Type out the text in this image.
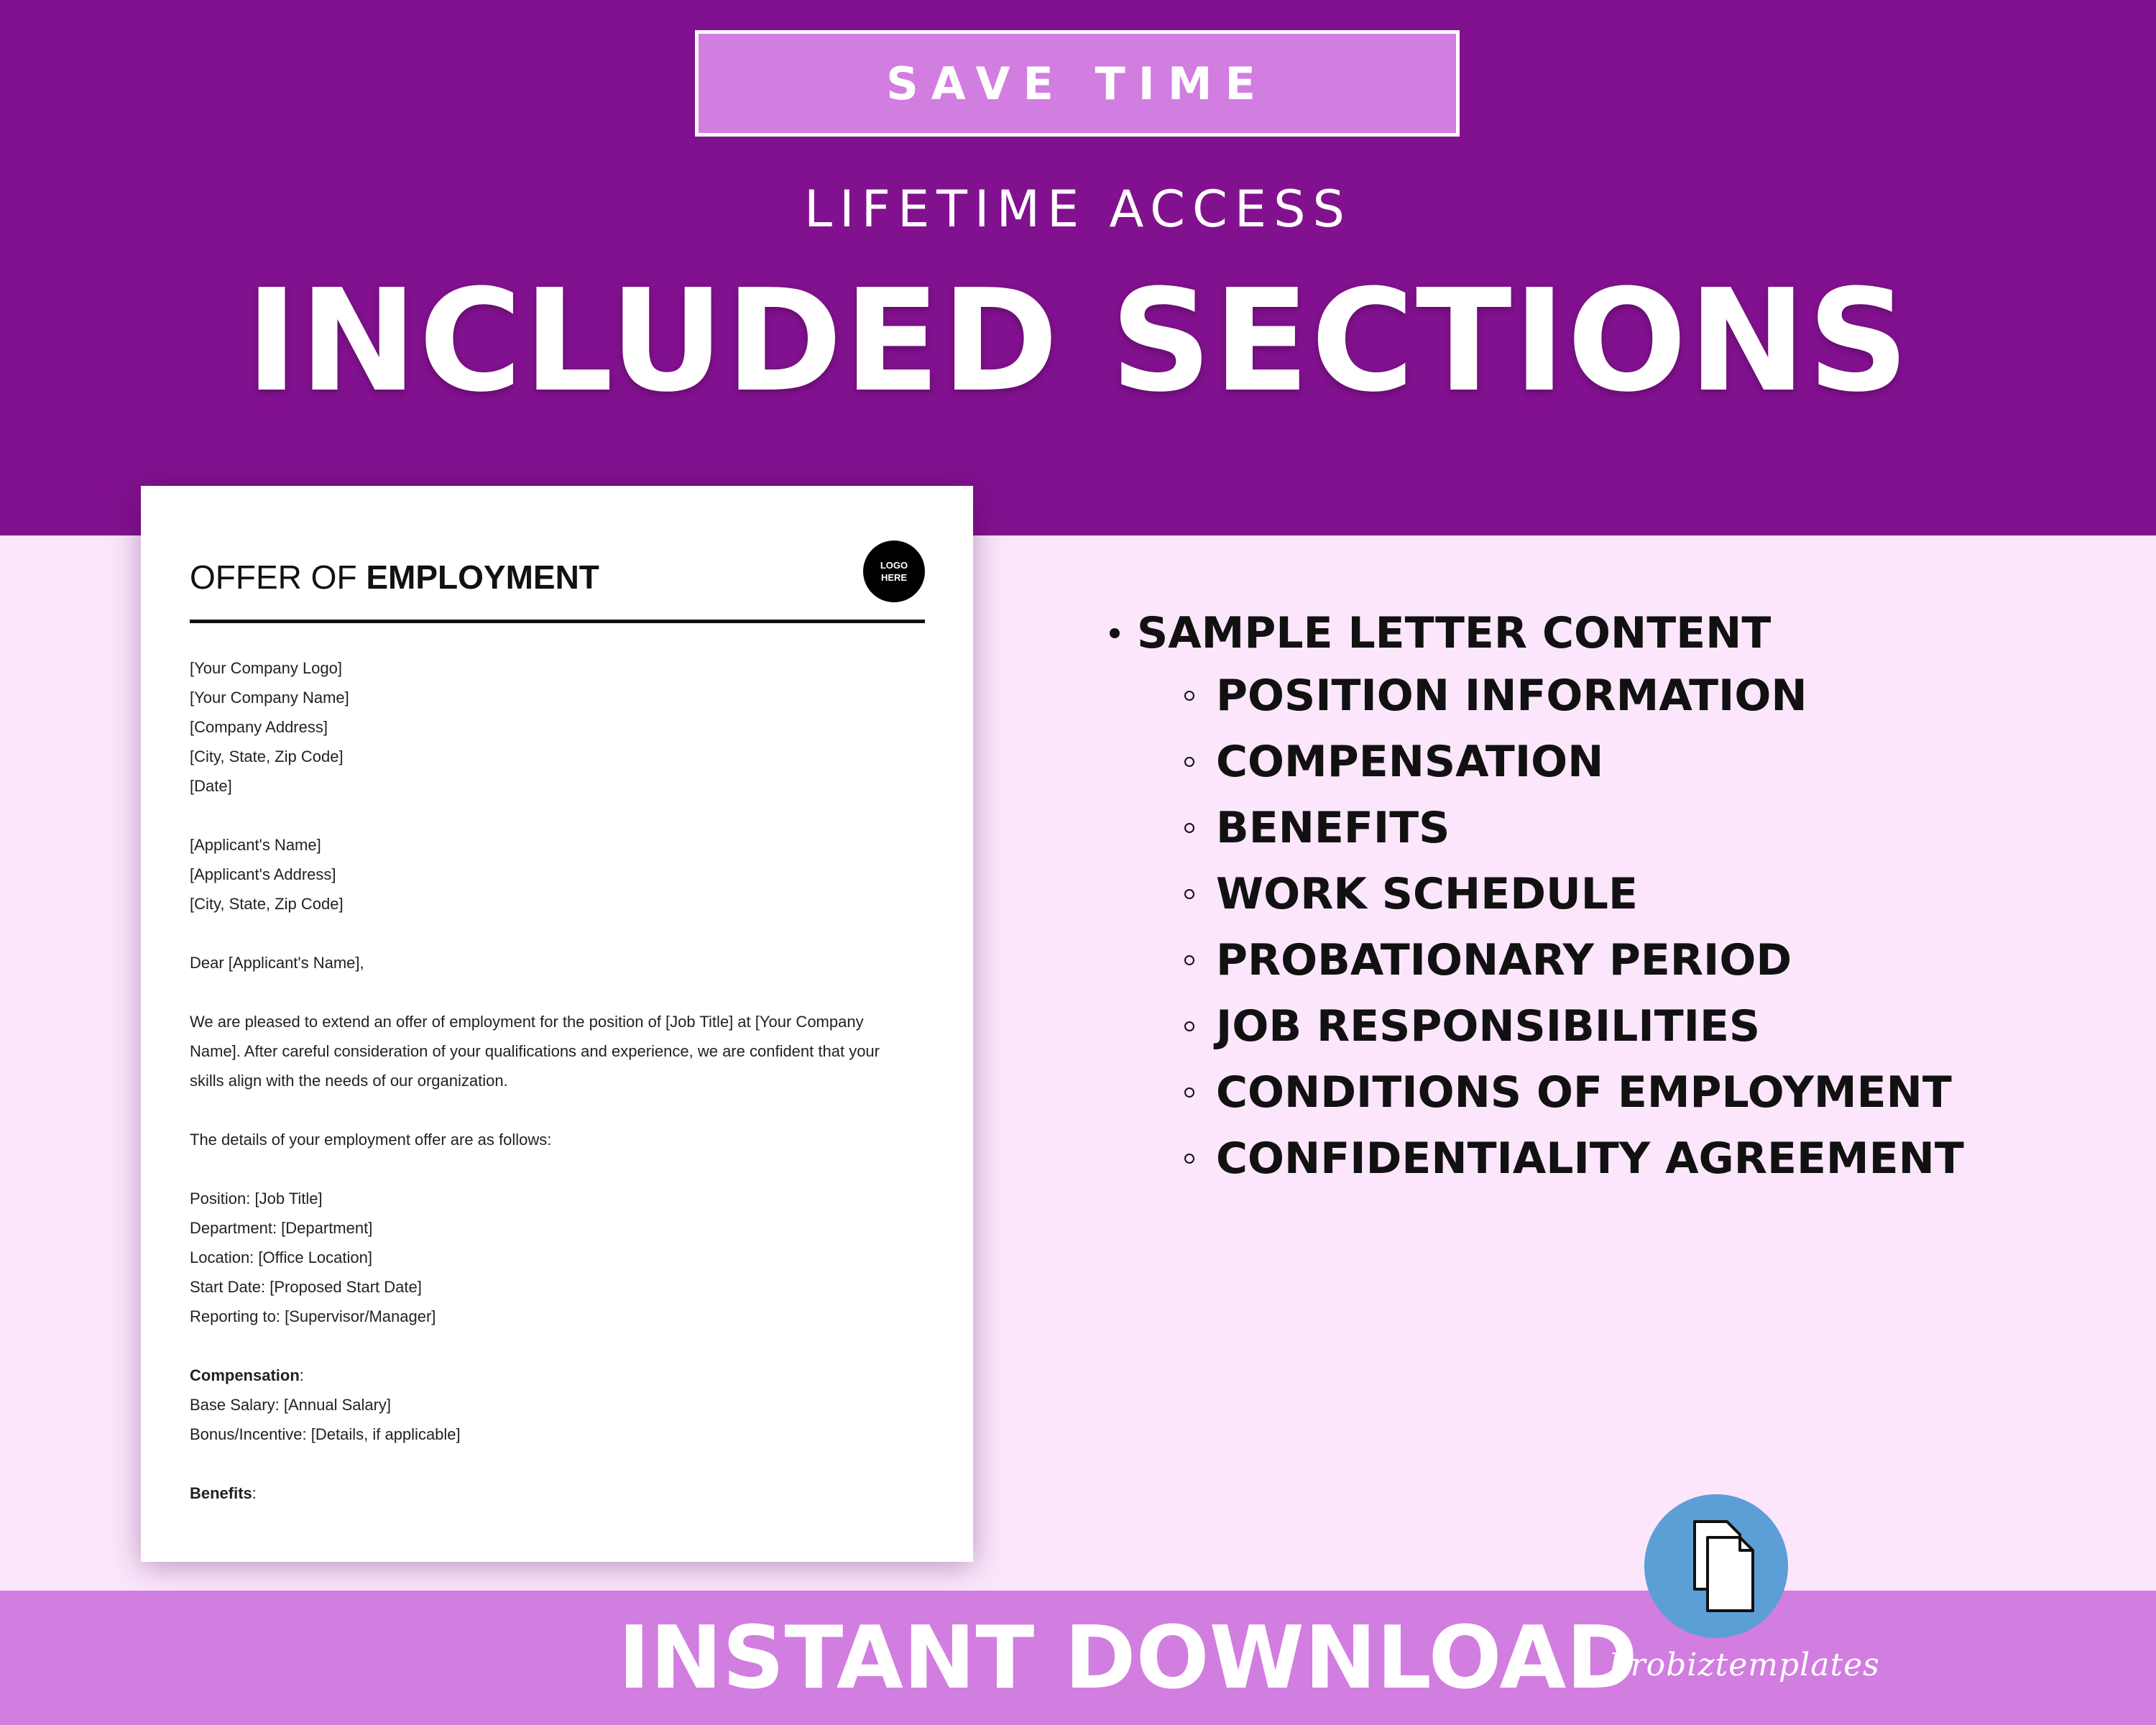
SAVE TIME
LIFETIME ACCESS
INCLUDED SECTIONS
OFFER OF EMPLOYMENT	LOGO
HERE
[Your Company Logo]
[Your Company Name]
[Company Address]
[City, State, Zip Code]
[Date]
[Applicant's Name]
[Applicant's Address]
[City, State, Zip Code]
Dear [Applicant's Name],
We are pleased to extend an offer of employment for the position of [Job Title] at [Your Company
Name]. After careful consideration of your qualifications and experience, we are confident that your
skills align with the needs of our organization.
The details of your employment offer are as follows:
Position: [Job Title]
Department: [Department]
Location: [Office Location]
Start Date: [Proposed Start Date]
Reporting to: [Supervisor/Manager]
Compensation:
Base Salary: [Annual Salary]
Bonus/Incentive: [Details, if applicable]
Benefits:
SAMPLE LETTER CONTENT
POSITION INFORMATION
COMPENSATION
BENEFITS
WORK SCHEDULE
PROBATIONARY PERIOD
JOB RESPONSIBILITIES
CONDITIONS OF EMPLOYMENT
CONFIDENTIALITY AGREEMENT
INSTANT DOWNLOAD
Probiztemplates
